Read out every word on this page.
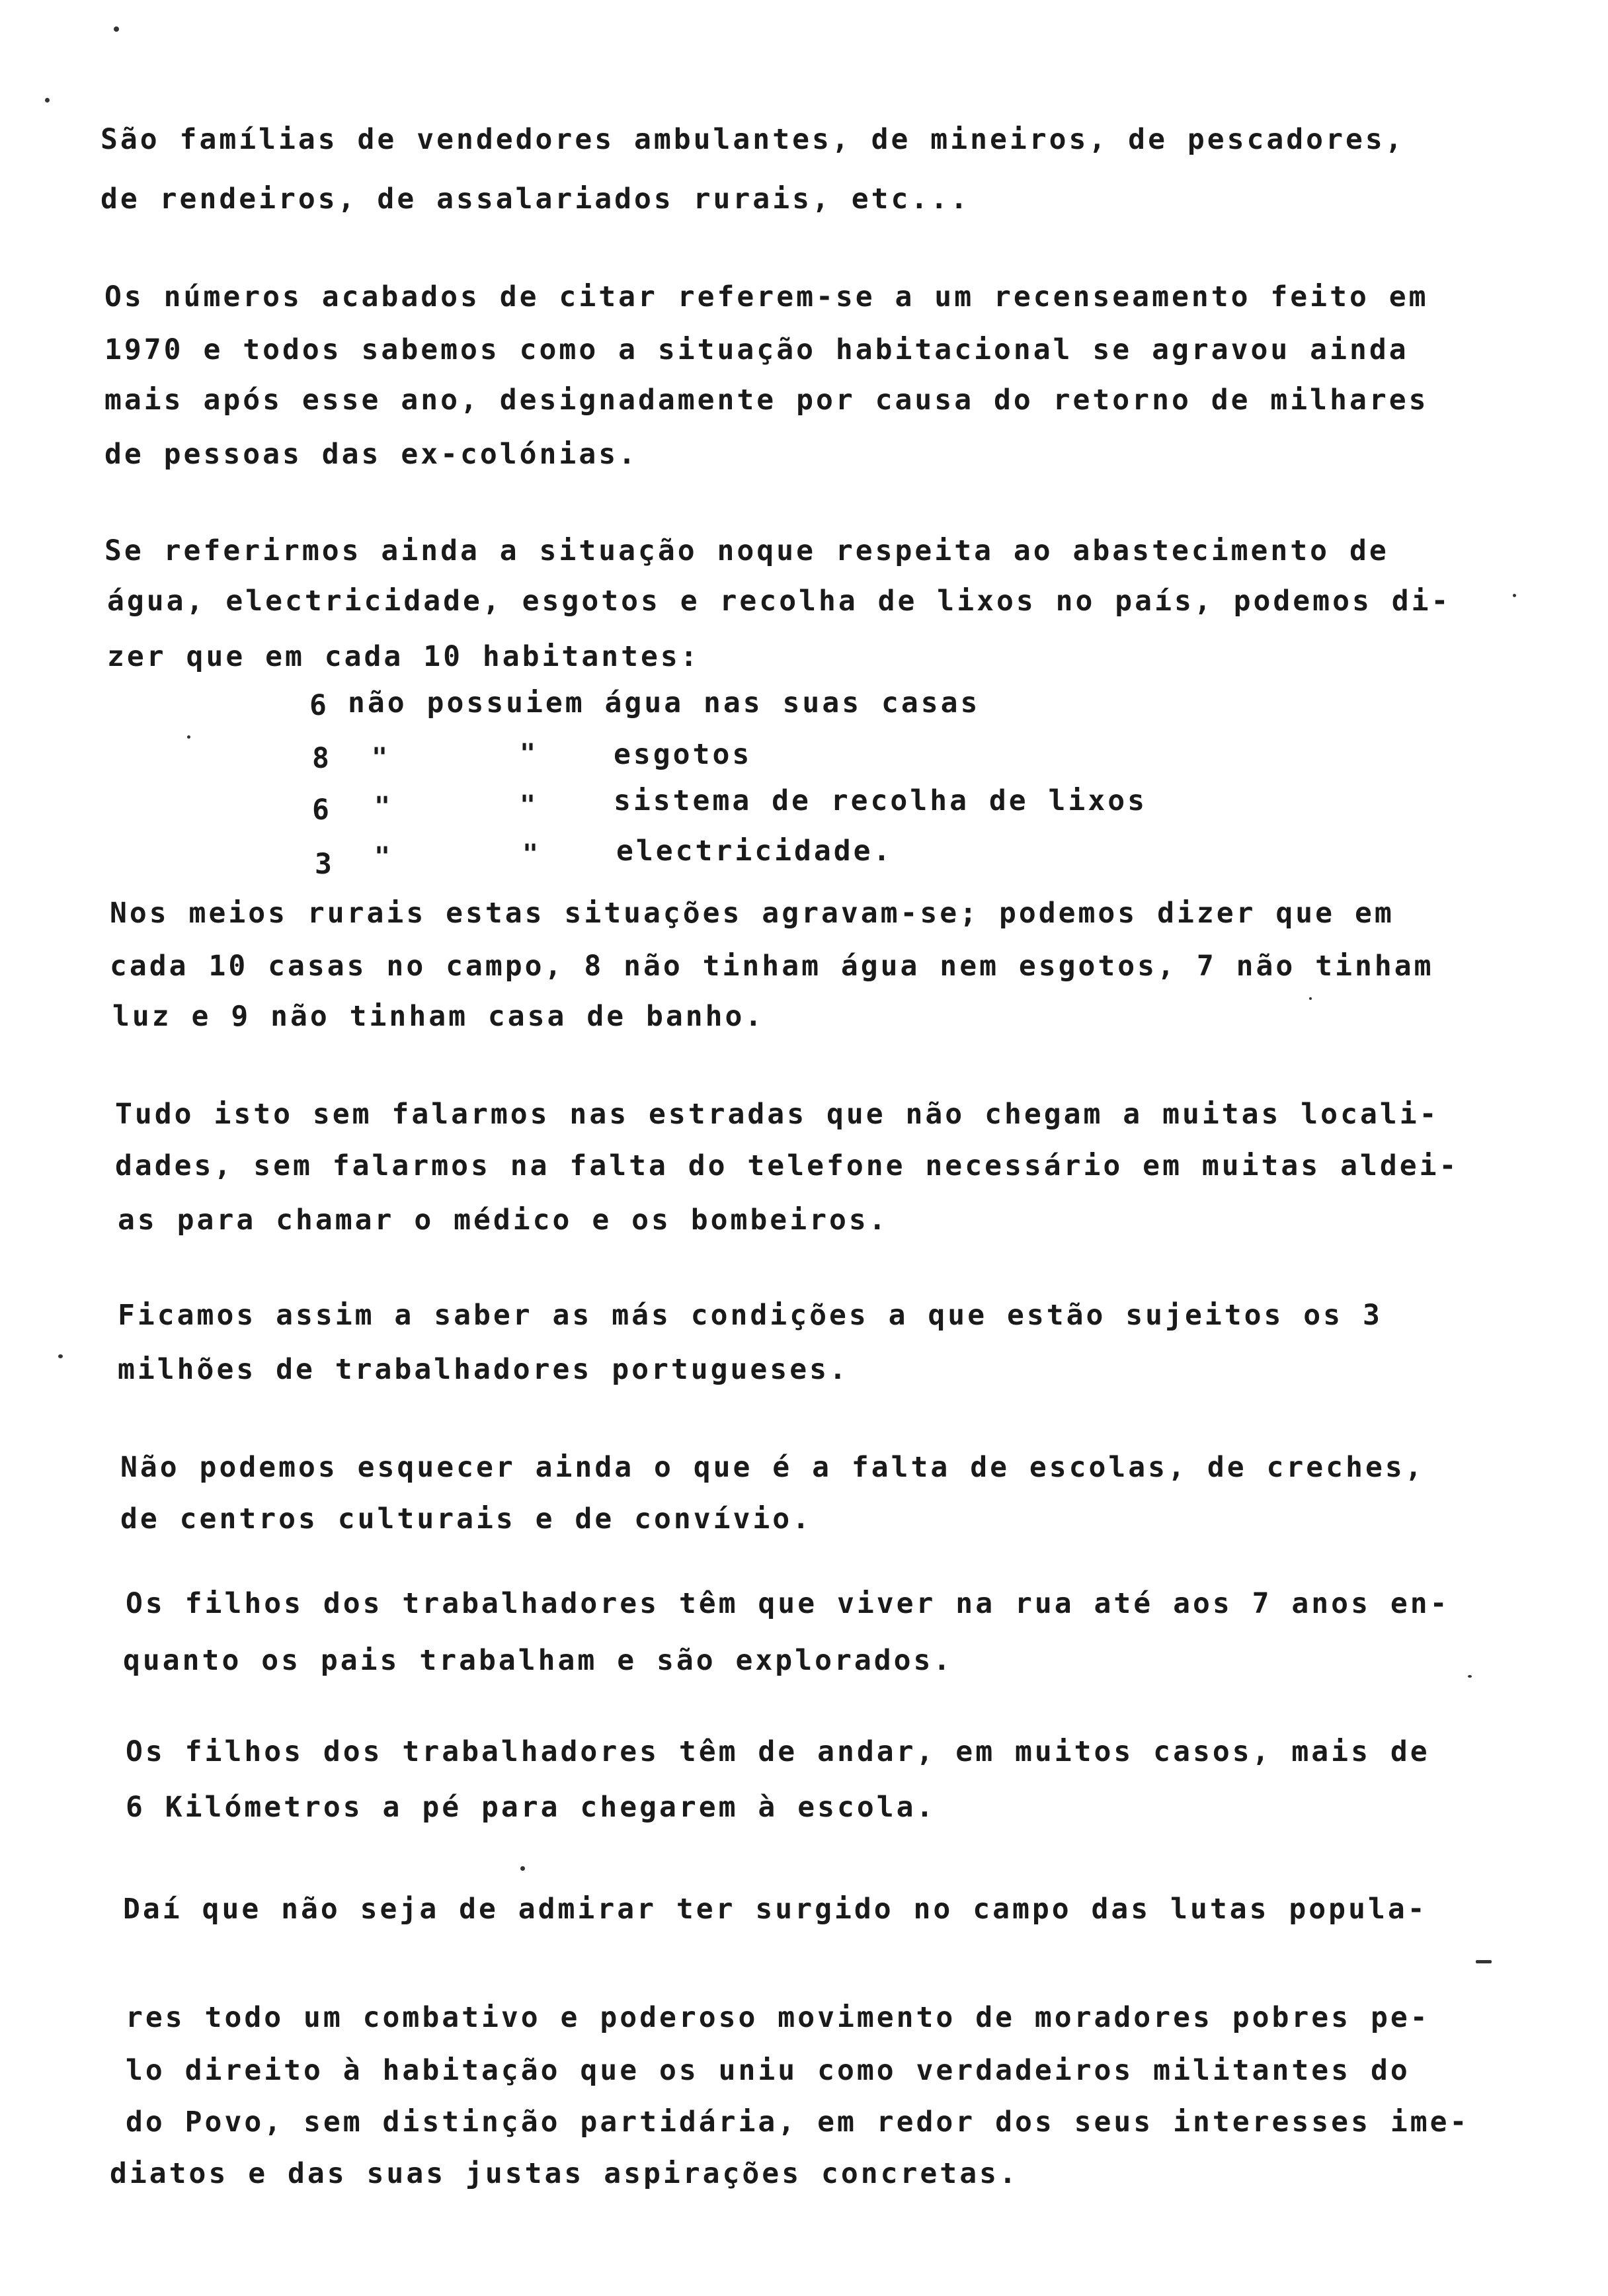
São famílias de vendedores ambulantes, de mineiros, de pescadores,
de rendeiros, de assalariados rurais, etc...
Os números acabados de citar referem-se a um recenseamento feito em
1970 e todos sabemos como a situação habitacional se agravou ainda
mais após esse ano, designadamente por causa do retorno de milhares
de pessoas das ex-colónias.
Se referirmos ainda a situação noque respeita ao abastecimento de
água, electricidade, esgotos e recolha de lixos no país, podemos di-
zer que em cada 10 habitantes:
6 não possuiem água nas suas casas
8 "	"	esgotos
6 "	"	sistema de recolha de lixos
3 "	"	electricidade.
Nos meios rurais estas situações agravam-se; podemos dizer que em
cada 10 casas no campo, 8 não tinham água nem esgotos, 7 não tinham
luz e 9 não tinham casa de banho.
Tudo isto sem falarmos nas estradas que não chegam a muitas locali-
dades, sem falarmos na falta do telefone necessário em muitas aldei-
as para chamar o médico e os bombeiros.
Ficamos assim a saber as más condições a que estão sujeitos os 3
milhões de trabalhadores portugueses.
Não podemos esquecer ainda o que é a falta de escolas, de creches,
de centros culturais e de convívio.
Os filhos dos trabalhadores têm que viver na rua até aos 7 anos en-
quanto os pais trabalham e são explorados.
Os filhos dos trabalhadores têm de andar, em muitos casos, mais de
6 Kilómetros a pé para chegarem à escola.
Daí que não seja de admirar ter surgido no campo das lutas popula-
res todo um combativo e poderoso movimento de moradores pobres pe-
lo direito à habitação que os uniu como verdadeiros militantes do
do Povo, sem distinção partidária, em redor dos seus interesses ime-
diatos e das suas justas aspirações concretas.
